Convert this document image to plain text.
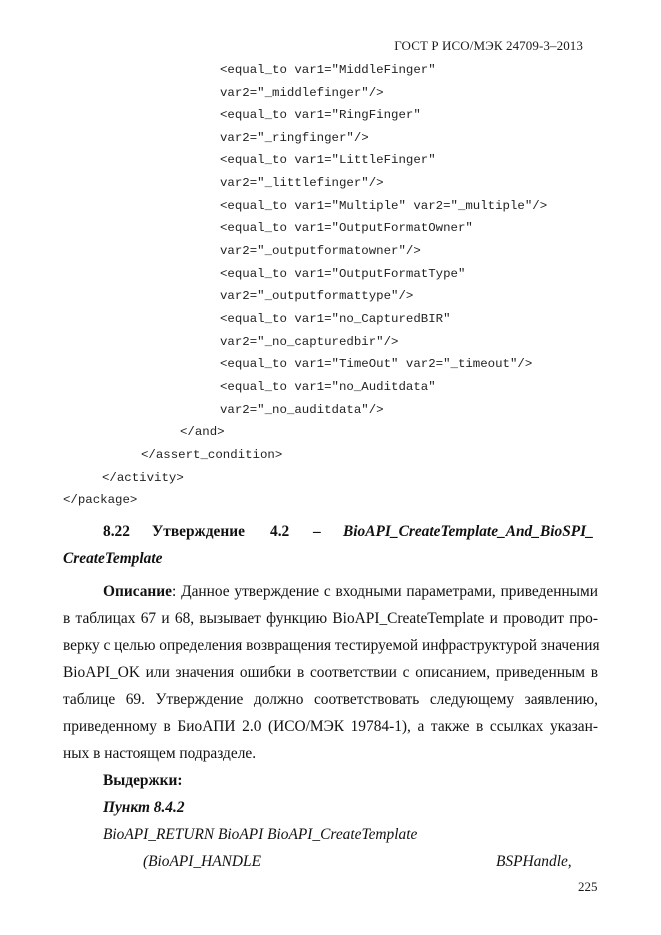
ГОСТ Р ИСО/МЭК 24709-3–2013
<equal_to var1="MiddleFinger"
var2="_middlefinger"/>
<equal_to var1="RingFinger"
var2="_ringfinger"/>
<equal_to var1="LittleFinger"
var2="_littlefinger"/>
<equal_to var1="Multiple" var2="_multiple"/>
<equal_to var1="OutputFormatOwner"
var2="_outputformatowner"/>
<equal_to var1="OutputFormatType"
var2="_outputformattype"/>
<equal_to var1="no_CapturedBIR"
var2="_no_capturedbir"/>
<equal_to var1="TimeOut" var2="_timeout"/>
<equal_to var1="no_Auditdata"
var2="_no_auditdata"/>
</and>
</assert_condition>
</activity>
</package>
8.22 Утверждение 4.2 – BioAPI_CreateTemplate_And_BioSPI_
CreateTemplate
Описание: Данное утверждение с входными параметрами, приведенными
в таблицах 67 и 68, вызывает функцию BioAPI_CreateTemplate и проводит про-
верку с целью определения возвращения тестируемой инфраструктурой значения
BioAPI_OK или значения ошибки в соответствии с описанием, приведенным в
таблице 69. Утверждение должно соответствовать следующему заявлению,
приведенному в БиоАПИ 2.0 (ИСО/МЭК 19784-1), а также в ссылках указан-
ных в настоящем подразделе.
Выдержки:
Пункт 8.4.2
BioAPI_RETURN BioAPI BioAPI_CreateTemplate
(BioAPI_HANDLE	BSPHandle,
225
